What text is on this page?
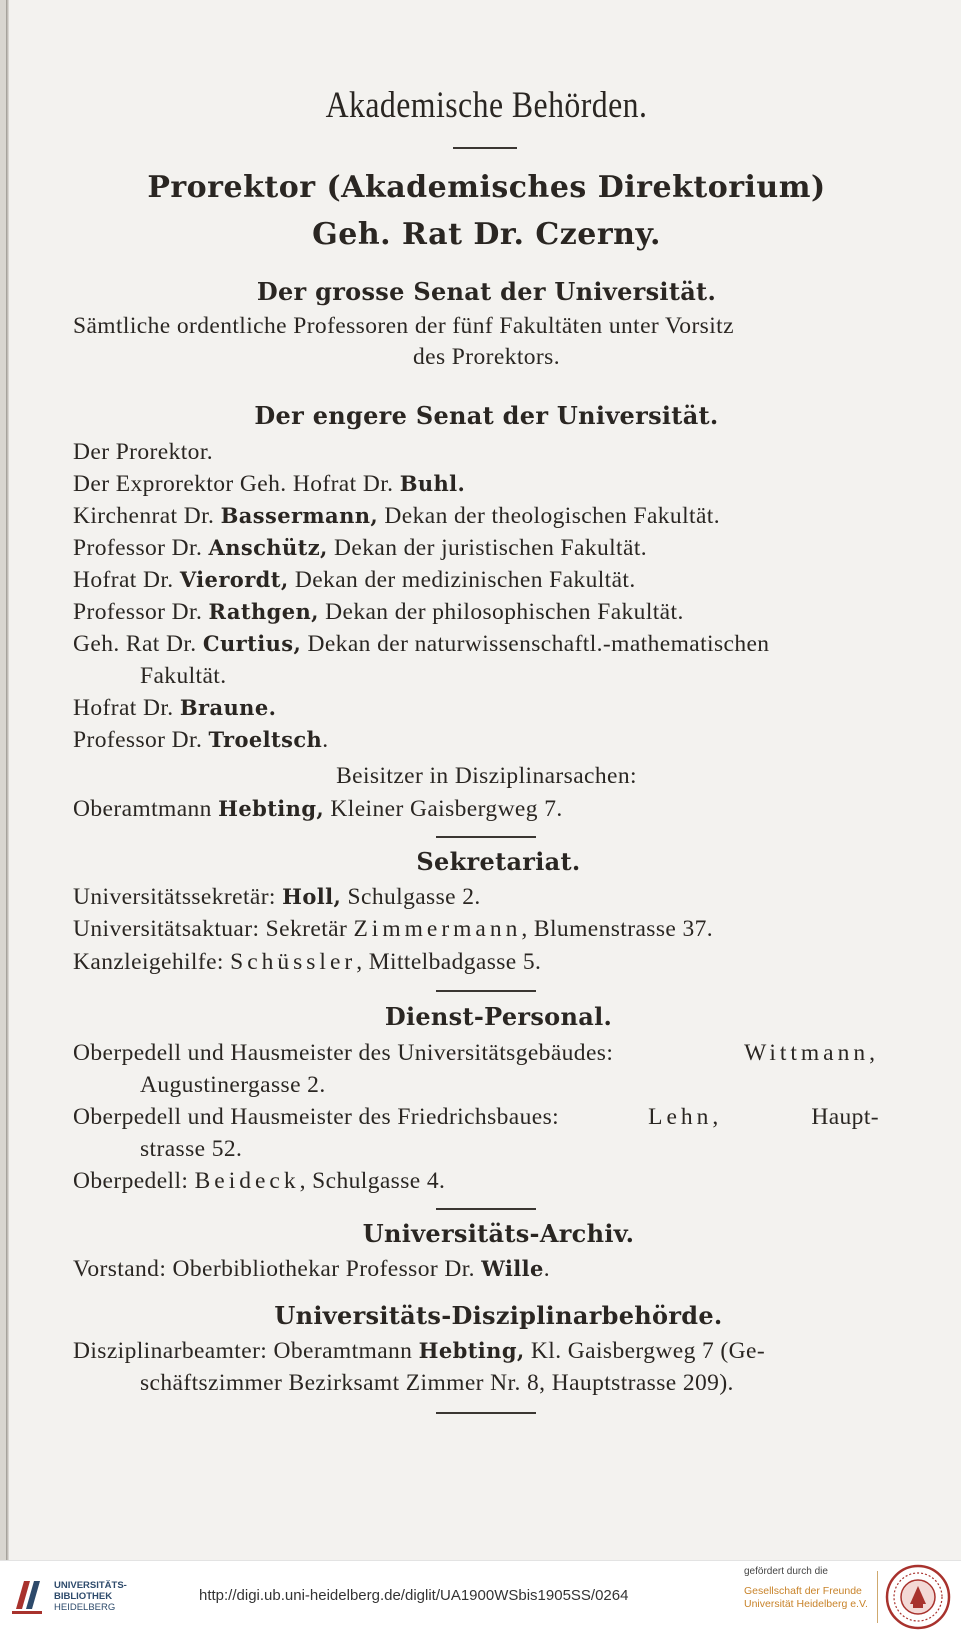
Akademische Behörden.

Prorektor (Akademisches Direktorium)

Geh. Rat Dr. Czerny.

Der grosse Senat der Universität.

Sämtliche ordentliche Professoren der fünf Fakultäten unter Vorsitz

des Prorektors.

Der engere Senat der Universität.

Der Prorektor.

Der Exprorektor Geh. Hofrat Dr. Buhl.

Kirchenrat Dr. Bassermann, Dekan der theologischen Fakultät.

Professor Dr. Anschütz, Dekan der juristischen Fakultät.

Hofrat Dr. Vierordt, Dekan der medizinischen Fakultät.

Professor Dr. Rathgen, Dekan der philosophischen Fakultät.

Geh. Rat Dr. Curtius, Dekan der naturwissenschaftl.-mathematischen

Fakultät.

Hofrat Dr. Braune.

Professor Dr. Troeltsch.

Beisitzer in Disziplinarsachen:

Oberamtmann Hebting, Kleiner Gaisbergweg 7.

Sekretariat.

Universitätssekretär: Holl, Schulgasse 2.

Universitätsaktuar: Sekretär Zimmermann, Blumenstrasse 37.

Kanzleigehilfe: Schüssler, Mittelbadgasse 5.

Dienst-Personal.

Oberpedell und Hausmeister des Universitätsgebäudes:	Wittmann,

Augustinergasse 2.

Oberpedell und Hausmeister des Friedrichsbaues:	Lehn,	Haupt-

strasse 52.

Oberpedell: Beideck, Schulgasse 4.

Universitäts-Archiv.

Vorstand: Oberbibliothekar Professor Dr. Wille.

Universitäts-Disziplinarbehörde.

Disziplinarbeamter: Oberamtmann Hebting, Kl. Gaisbergweg 7 (Ge-

schäftszimmer Bezirksamt Zimmer Nr. 8, Hauptstrasse 209).

UNIVERSITÄTS-
BIBLIOTHEK
HEIDELBERG
http://digi.ub.uni-heidelberg.de/diglit/UA1900WSbis1905SS/0264
gefördert durch die
Gesellschaft der Freunde
Universität Heidelberg e.V.
